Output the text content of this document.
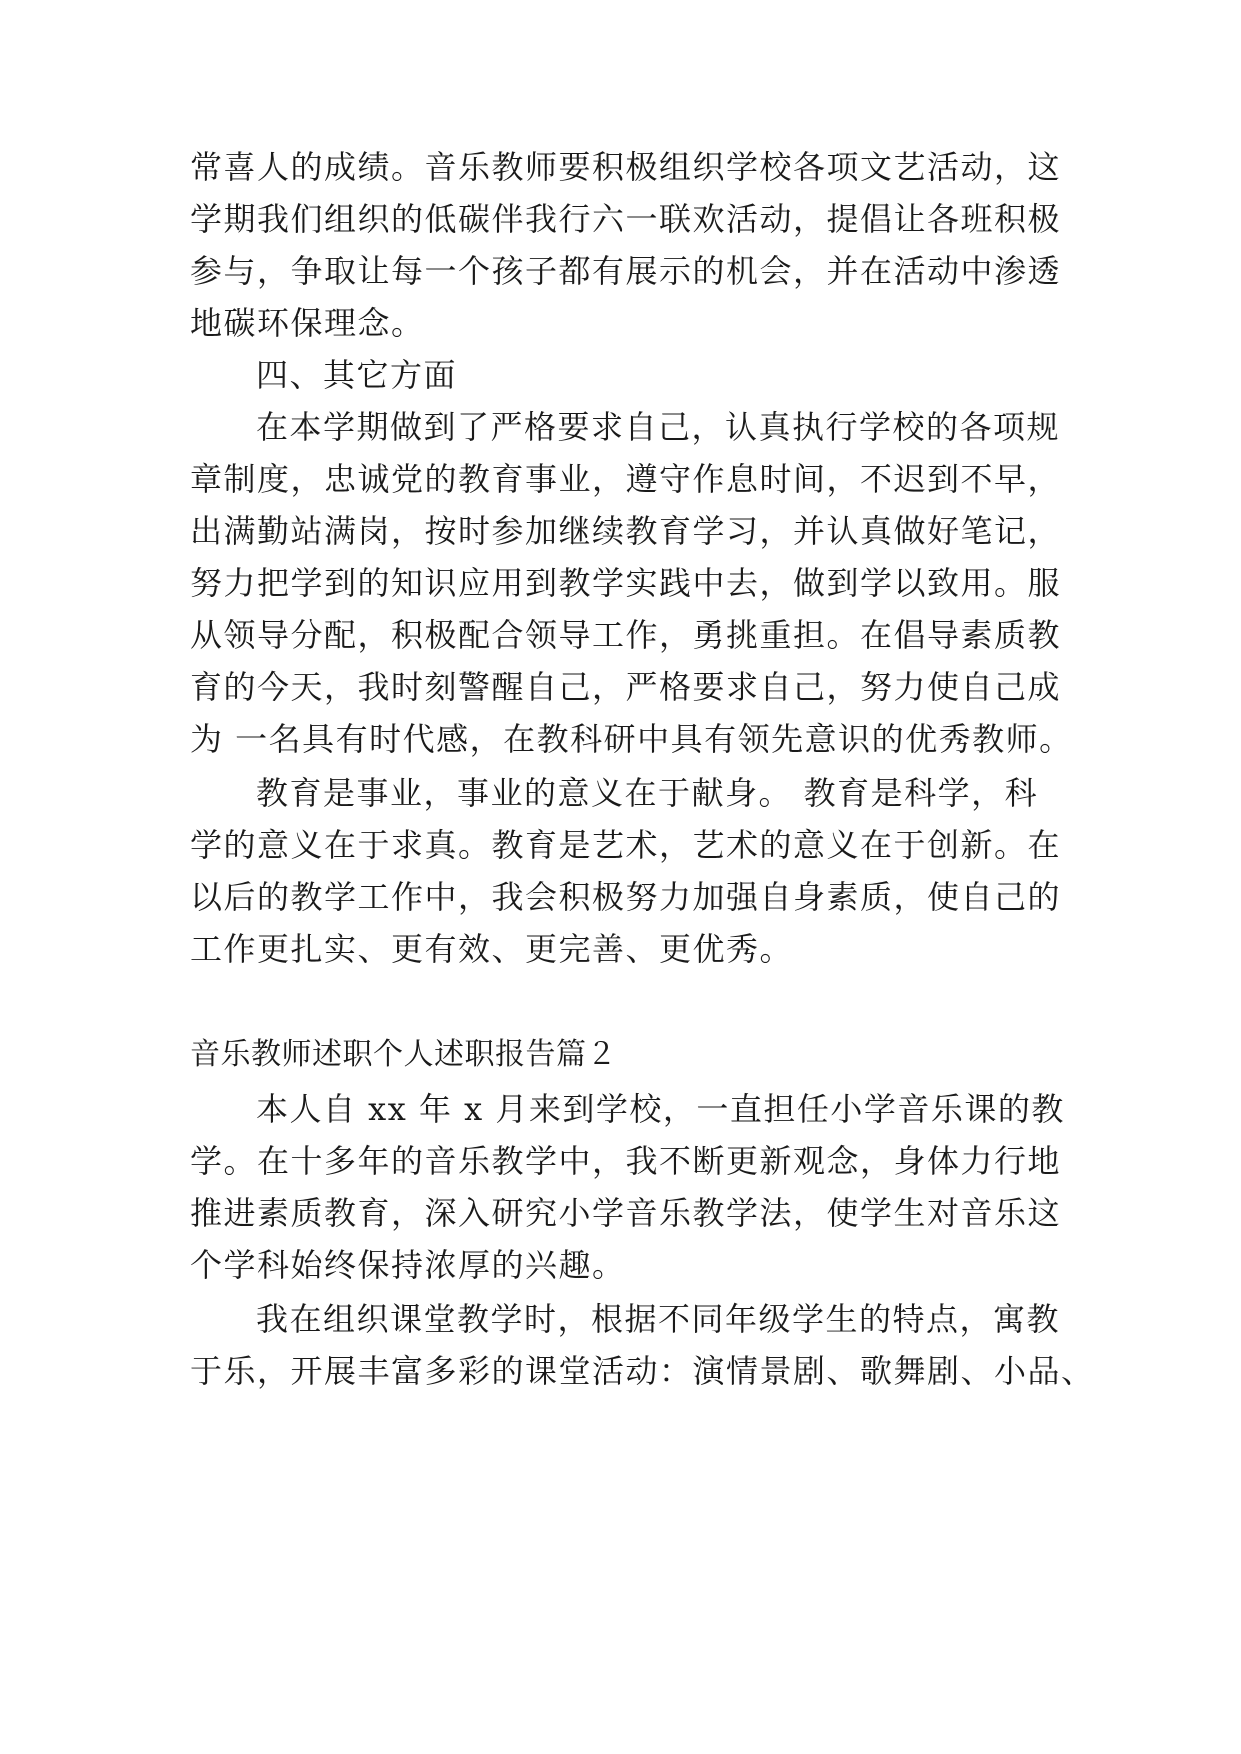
常喜人的成绩。音乐教师要积极组织学校各项文艺活动，这

学期我们组织的低碳伴我行六一联欢活动，提倡让各班积极

参与，争取让每一个孩子都有展示的机会，并在活动中渗透

地碳环保理念。

四、其它方面

在本学期做到了严格要求自己，认真执行学校的各项规

章制度，忠诚党的教育事业，遵守作息时间，不迟到不早，

出满勤站满岗，按时参加继续教育学习，并认真做好笔记，

努力把学到的知识应用到教学实践中去，做到学以致用。服

从领导分配，积极配合领导工作，勇挑重担。在倡导素质教

育的今天，我时刻警醒自己，严格要求自己，努力使自己成

为 一名具有时代感，在教科研中具有领先意识的优秀教师。

教育是事业，事业的意义在于献身。 教育是科学，科

学的意义在于求真。教育是艺术，艺术的意义在于创新。在

以后的教学工作中，我会积极努力加强自身素质，使自己的

工作更扎实、更有效、更完善、更优秀。

音乐教师述职个人述职报告篇２

本人自 xx 年 x 月来到学校，一直担任小学音乐课的教

学。在十多年的音乐教学中，我不断更新观念，身体力行地

推进素质教育，深入研究小学音乐教学法，使学生对音乐这

个学科始终保持浓厚的兴趣。

我在组织课堂教学时，根据不同年级学生的特点，寓教

于乐，开展丰富多彩的课堂活动：演情景剧、歌舞剧、小品、
